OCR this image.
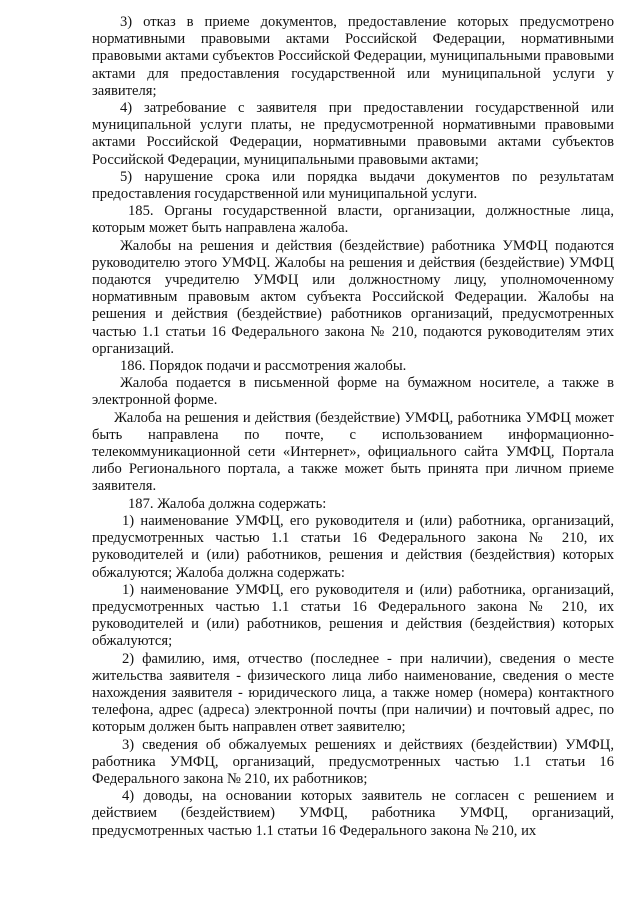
3) отказ в приеме документов, предоставление которых предусмотрено нормативными правовыми актами Российской Федерации, нормативными правовыми актами субъектов Российской Федерации, муниципальными правовыми актами для предоставления государственной или муниципальной услуги у заявителя;

4) затребование с заявителя при предоставлении государственной или муниципальной услуги платы, не предусмотренной нормативными правовыми актами Российской Федерации, нормативными правовыми актами субъектов Российской Федерации, муниципальными правовыми актами;

5) нарушение срока или порядка выдачи документов по результатам предоставления государственной или муниципальной услуги.

185. Органы государственной власти, организации, должностные лица, которым может быть направлена жалоба.

Жалобы на решения и действия (бездействие) работника УМФЦ подаются руководителю этого УМФЦ. Жалобы на решения и действия (бездействие) УМФЦ подаются учредителю УМФЦ или должностному лицу, уполномоченному нормативным правовым актом субъекта Российской Федерации. Жалобы на решения и действия (бездействие) работников организаций, предусмотренных частью 1.1 статьи 16 Федерального закона № 210, подаются руководителям этих организаций.

186. Порядок подачи и рассмотрения жалобы.

Жалоба подается в письменной форме на бумажном носителе, а также в электронной форме.

Жалоба на решения и действия (бездействие) УМФЦ, работника УМФЦ может быть направлена по почте, с использованием информационно-телекоммуникационной сети «Интернет», официального сайта УМФЦ, Портала либо Регионального портала, а также может быть принята при личном приеме заявителя.

187. Жалоба должна содержать:

1) наименование УМФЦ, его руководителя и (или) работника, организаций, предусмотренных частью 1.1 статьи 16 Федерального закона № 210, их руководителей и (или) работников, решения и действия (бездействия) которых обжалуются; Жалоба должна содержать:

1) наименование УМФЦ, его руководителя и (или) работника, организаций, предусмотренных частью 1.1 статьи 16 Федерального закона № 210, их руководителей и (или) работников, решения и действия (бездействия) которых обжалуются;

2) фамилию, имя, отчество (последнее - при наличии), сведения о месте жительства заявителя - физического лица либо наименование, сведения о месте нахождения заявителя - юридического лица, а также номер (номера) контактного телефона, адрес (адреса) электронной почты (при наличии) и почтовый адрес, по которым должен быть направлен ответ заявителю;

3) сведения об обжалуемых решениях и действиях (бездействии) УМФЦ, работника УМФЦ, организаций, предусмотренных частью 1.1 статьи 16 Федерального закона № 210, их работников;

4) доводы, на основании которых заявитель не согласен с решением и действием (бездействием) УМФЦ, работника УМФЦ, организаций, предусмотренных частью 1.1 статьи 16 Федерального закона № 210, их
